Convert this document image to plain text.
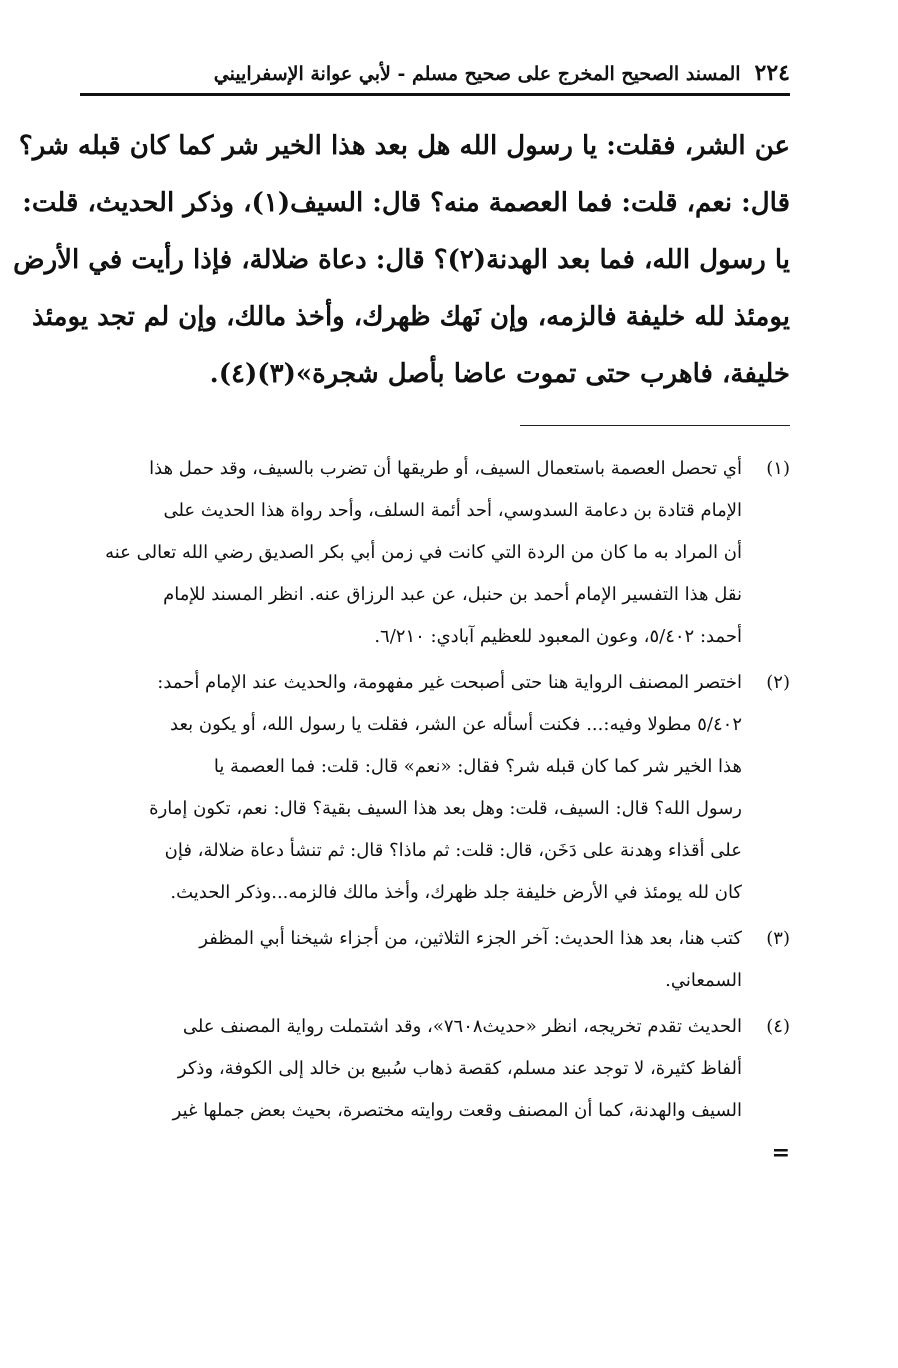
٢٢٤
المسند الصحيح المخرج على صحيح مسلم - لأبي عوانة الإسفراييني
عن الشر، فقلت: يا رسول الله هل بعد هذا الخير شر كما كان قبله شر؟
قال: نعم، قلت: فما العصمة منه؟ قال: السيف(١)، وذكر الحديث، قلت:
يا رسول الله، فما بعد الهدنة(٢)؟ قال: دعاة ضلالة، فإذا رأيت في الأرض
يومئذ لله خليفة فالزمه، وإن نَهك ظهرك، وأخذ مالك، وإن لم تجد يومئذ
خليفة، فاهرب حتى تموت عاضا بأصل شجرة»(٣)(٤).
(١)
أي تحصل العصمة باستعمال السيف، أو طريقها أن تضرب بالسيف، وقد حمل هذا
الإمام قتادة بن دعامة السدوسي، أحد أئمة السلف، وأحد رواة هذا الحديث على
أن المراد به ما كان من الردة التي كانت في زمن أبي بكر الصديق رضي الله تعالى عنه
نقل هذا التفسير الإمام أحمد بن حنبل، عن عبد الرزاق عنه. انظر المسند للإمام
أحمد: ٥/٤٠٢، وعون المعبود للعظيم آبادي: ٦/٢١٠.
(٢)
اختصر المصنف الرواية هنا حتى أصبحت غير مفهومة، والحديث عند الإمام أحمد:
٥/٤٠٢ مطولا وفيه:... فكنت أسأله عن الشر، فقلت يا رسول الله، أو يكون بعد
هذا الخير شر كما كان قبله شر؟ فقال: «نعم» قال: قلت: فما العصمة يا
رسول الله؟ قال: السيف، قلت: وهل بعد هذا السيف بقية؟ قال: نعم، تكون إمارة
على أقذاء وهدنة على دَخَن، قال: قلت: ثم ماذا؟ قال: ثم تنشأ دعاة ضلالة، فإن
كان لله يومئذ في الأرض خليفة جلد ظهرك، وأخذ مالك فالزمه...وذكر الحديث.
(٣)
كتب هنا، بعد هذا الحديث: آخر الجزء الثلاثين، من أجزاء شيخنا أبي المظفر
السمعاني.
(٤)
الحديث تقدم تخريجه، انظر «حديث٧٦٠٨»، وقد اشتملت رواية المصنف على
ألفاظ كثيرة، لا توجد عند مسلم، كقصة ذهاب سُبيع بن خالد إلى الكوفة، وذكر
السيف والهدنة، كما أن المصنف وقعت روايته مختصرة، بحيث بعض جملها غير
=
